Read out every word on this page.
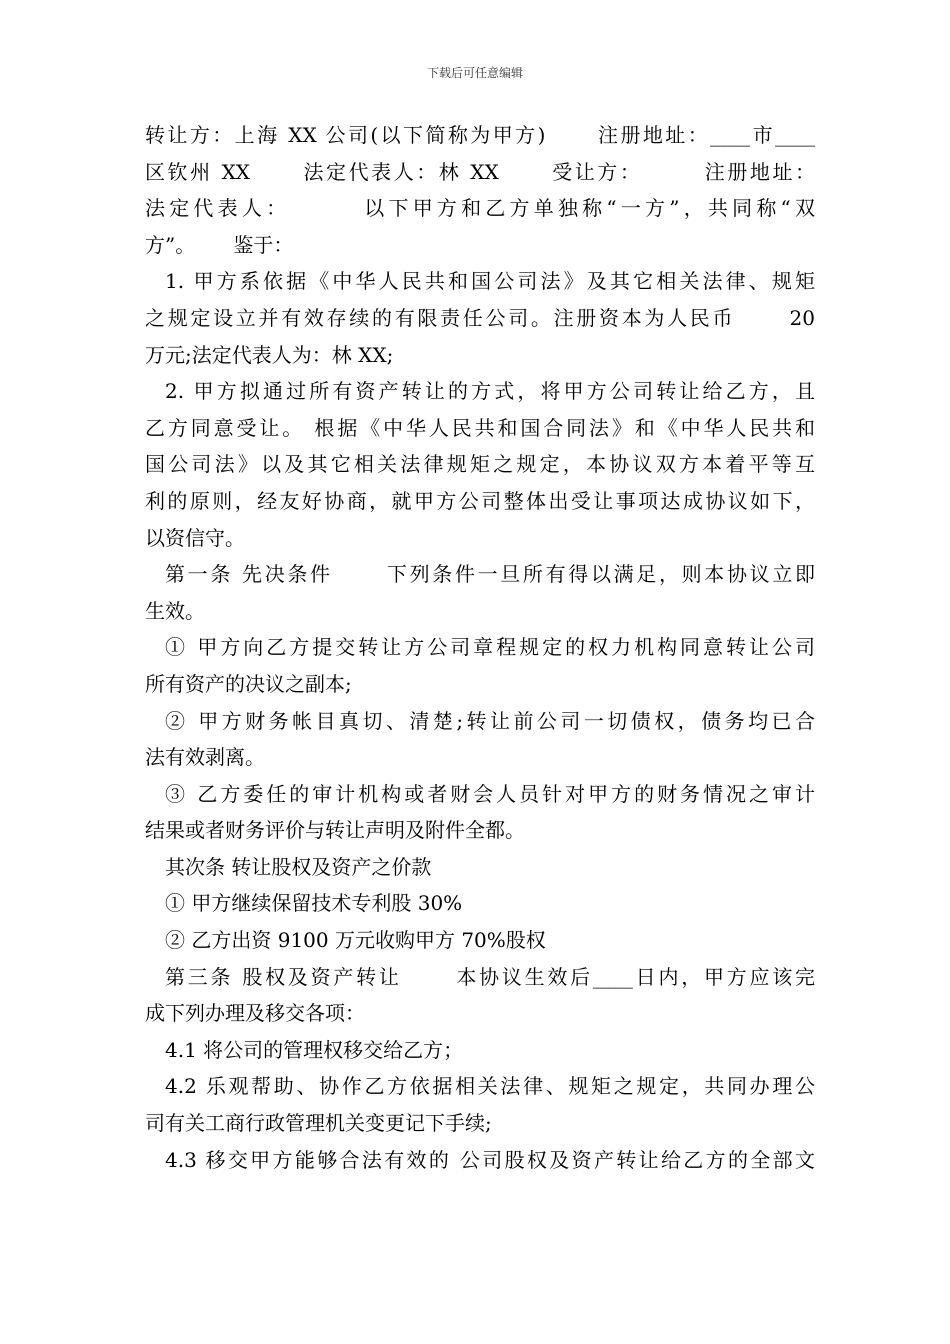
下载后可任意编辑
转让方：上海 XX 公司(以下简称为甲方)      注册地址：____市____
区钦州 XX      法定代表人：林 XX      受让方：       注册地址：
法定代表人：       以下甲方和乙方单独称“一方”，共同称“双
方”。      鉴于：
1. 甲方系依据《中华人民共和国公司法》及其它相关法律、规矩
之规定设立并有效存续的有限责任公司。注册资本为人民币      20
万元;法定代表人为：林 XX;
2. 甲方拟通过所有资产转让的方式，将甲方公司转让给乙方，且
乙方同意受让。 根据《中华人民共和国合同法》和《中华人民共和
国公司法》以及其它相关法律规矩之规定，本协议双方本着平等互
利的原则，经友好协商，就甲方公司整体出受让事项达成协议如下，
以资信守。
第一条 先决条件      下列条件一旦所有得以满足，则本协议立即
生效。
① 甲方向乙方提交转让方公司章程规定的权力机构同意转让公司
所有资产的决议之副本;
② 甲方财务帐目真切、清楚;转让前公司一切债权，债务均已合
法有效剥离。
③ 乙方委任的审计机构或者财会人员针对甲方的财务情况之审计
结果或者财务评价与转让声明及附件全都。
其次条 转让股权及资产之价款
① 甲方继续保留技术专利股 30%
② 乙方出资 9100 万元收购甲方 70%股权
第三条 股权及资产转让      本协议生效后____日内，甲方应该完
成下列办理及移交各项：
4.1 将公司的管理权移交给乙方；
4.2 乐观帮助、协作乙方依据相关法律、规矩之规定，共同办理公
司有关工商行政管理机关变更记下手续;
4.3 移交甲方能够合法有效的 公司股权及资产转让给乙方的全部文
